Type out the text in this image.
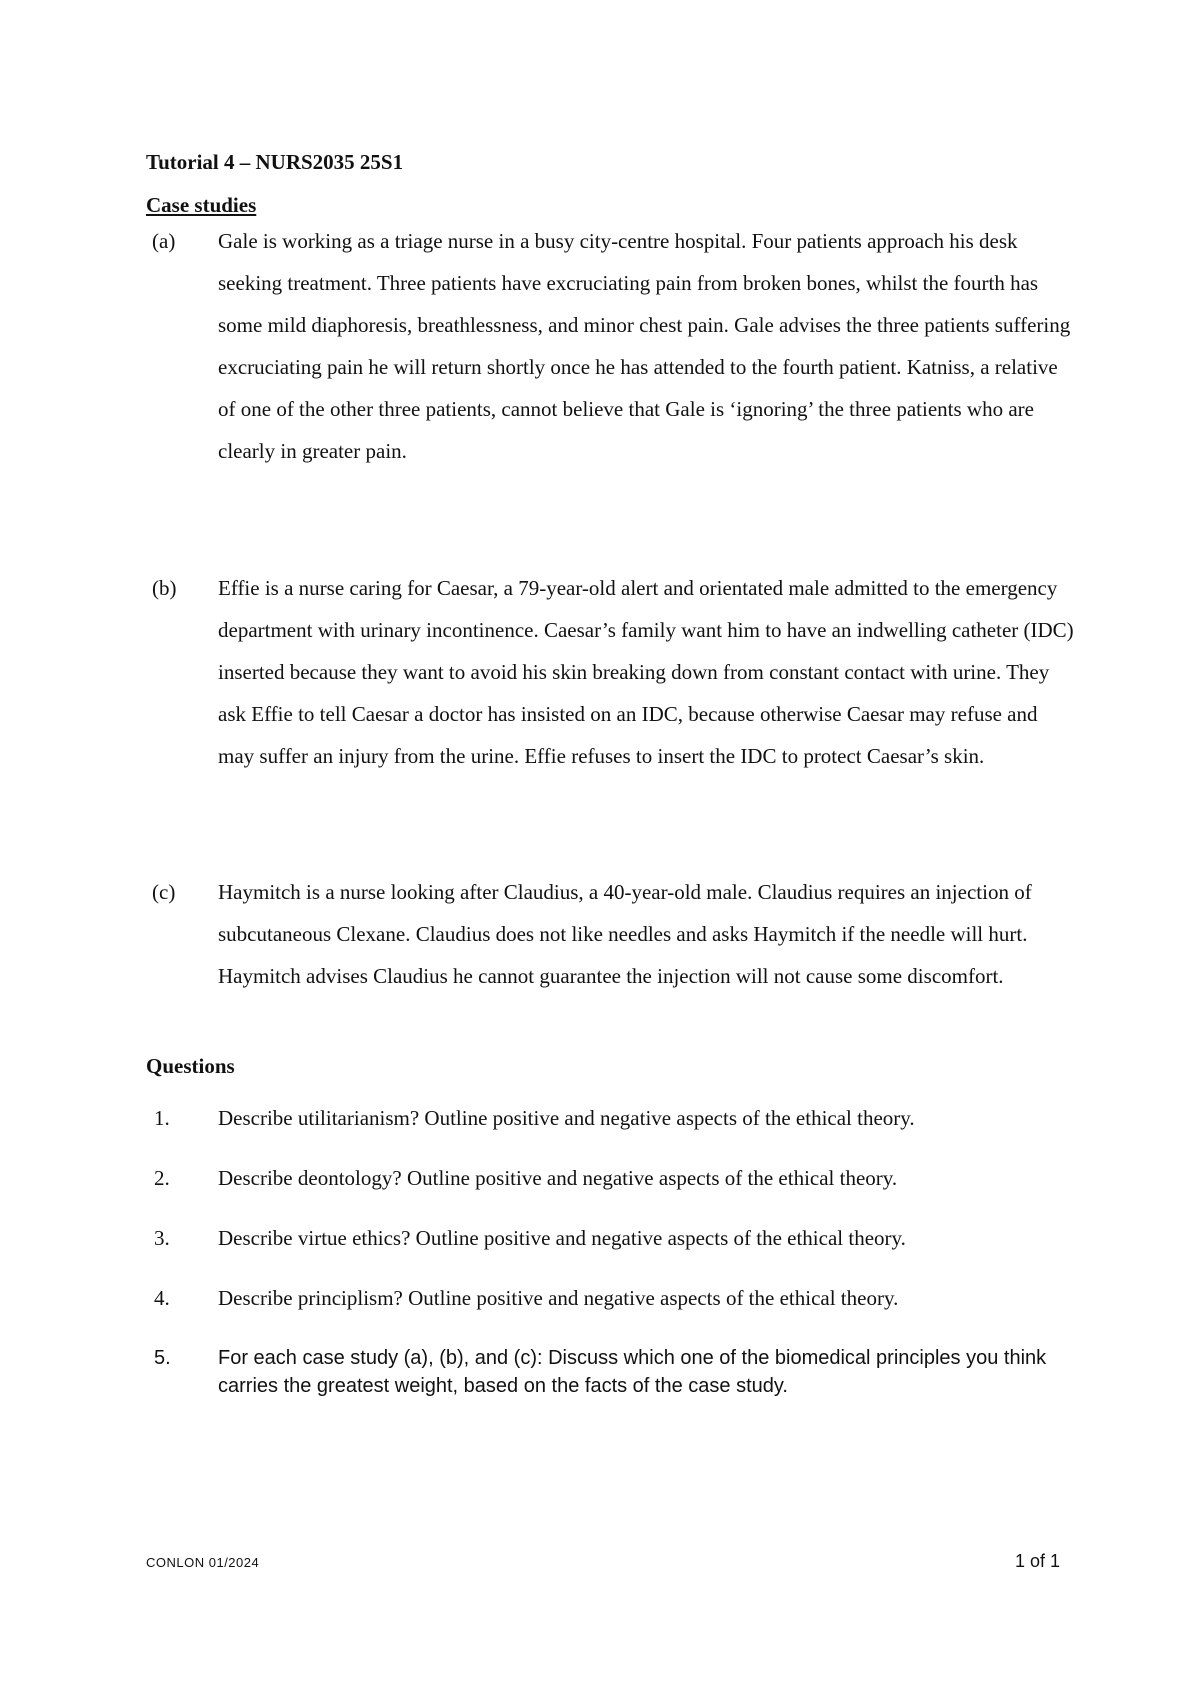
Tutorial 4 – NURS2035 25S1
Case studies
(a) Gale is working as a triage nurse in a busy city-centre hospital. Four patients approach his desk seeking treatment. Three patients have excruciating pain from broken bones, whilst the fourth has some mild diaphoresis, breathlessness, and minor chest pain. Gale advises the three patients suffering excruciating pain he will return shortly once he has attended to the fourth patient. Katniss, a relative of one of the other three patients, cannot believe that Gale is ‘ignoring’ the three patients who are clearly in greater pain.
(b) Effie is a nurse caring for Caesar, a 79-year-old alert and orientated male admitted to the emergency department with urinary incontinence. Caesar’s family want him to have an indwelling catheter (IDC) inserted because they want to avoid his skin breaking down from constant contact with urine. They ask Effie to tell Caesar a doctor has insisted on an IDC, because otherwise Caesar may refuse and may suffer an injury from the urine. Effie refuses to insert the IDC to protect Caesar’s skin.
(c) Haymitch is a nurse looking after Claudius, a 40-year-old male. Claudius requires an injection of subcutaneous Clexane. Claudius does not like needles and asks Haymitch if the needle will hurt. Haymitch advises Claudius he cannot guarantee the injection will not cause some discomfort.
Questions
1. Describe utilitarianism? Outline positive and negative aspects of the ethical theory.
2. Describe deontology? Outline positive and negative aspects of the ethical theory.
3. Describe virtue ethics? Outline positive and negative aspects of the ethical theory.
4. Describe principlism? Outline positive and negative aspects of the ethical theory.
5. For each case study (a), (b), and (c): Discuss which one of the biomedical principles you think carries the greatest weight, based on the facts of the case study.
CONLON 01/2024	1 of 1
